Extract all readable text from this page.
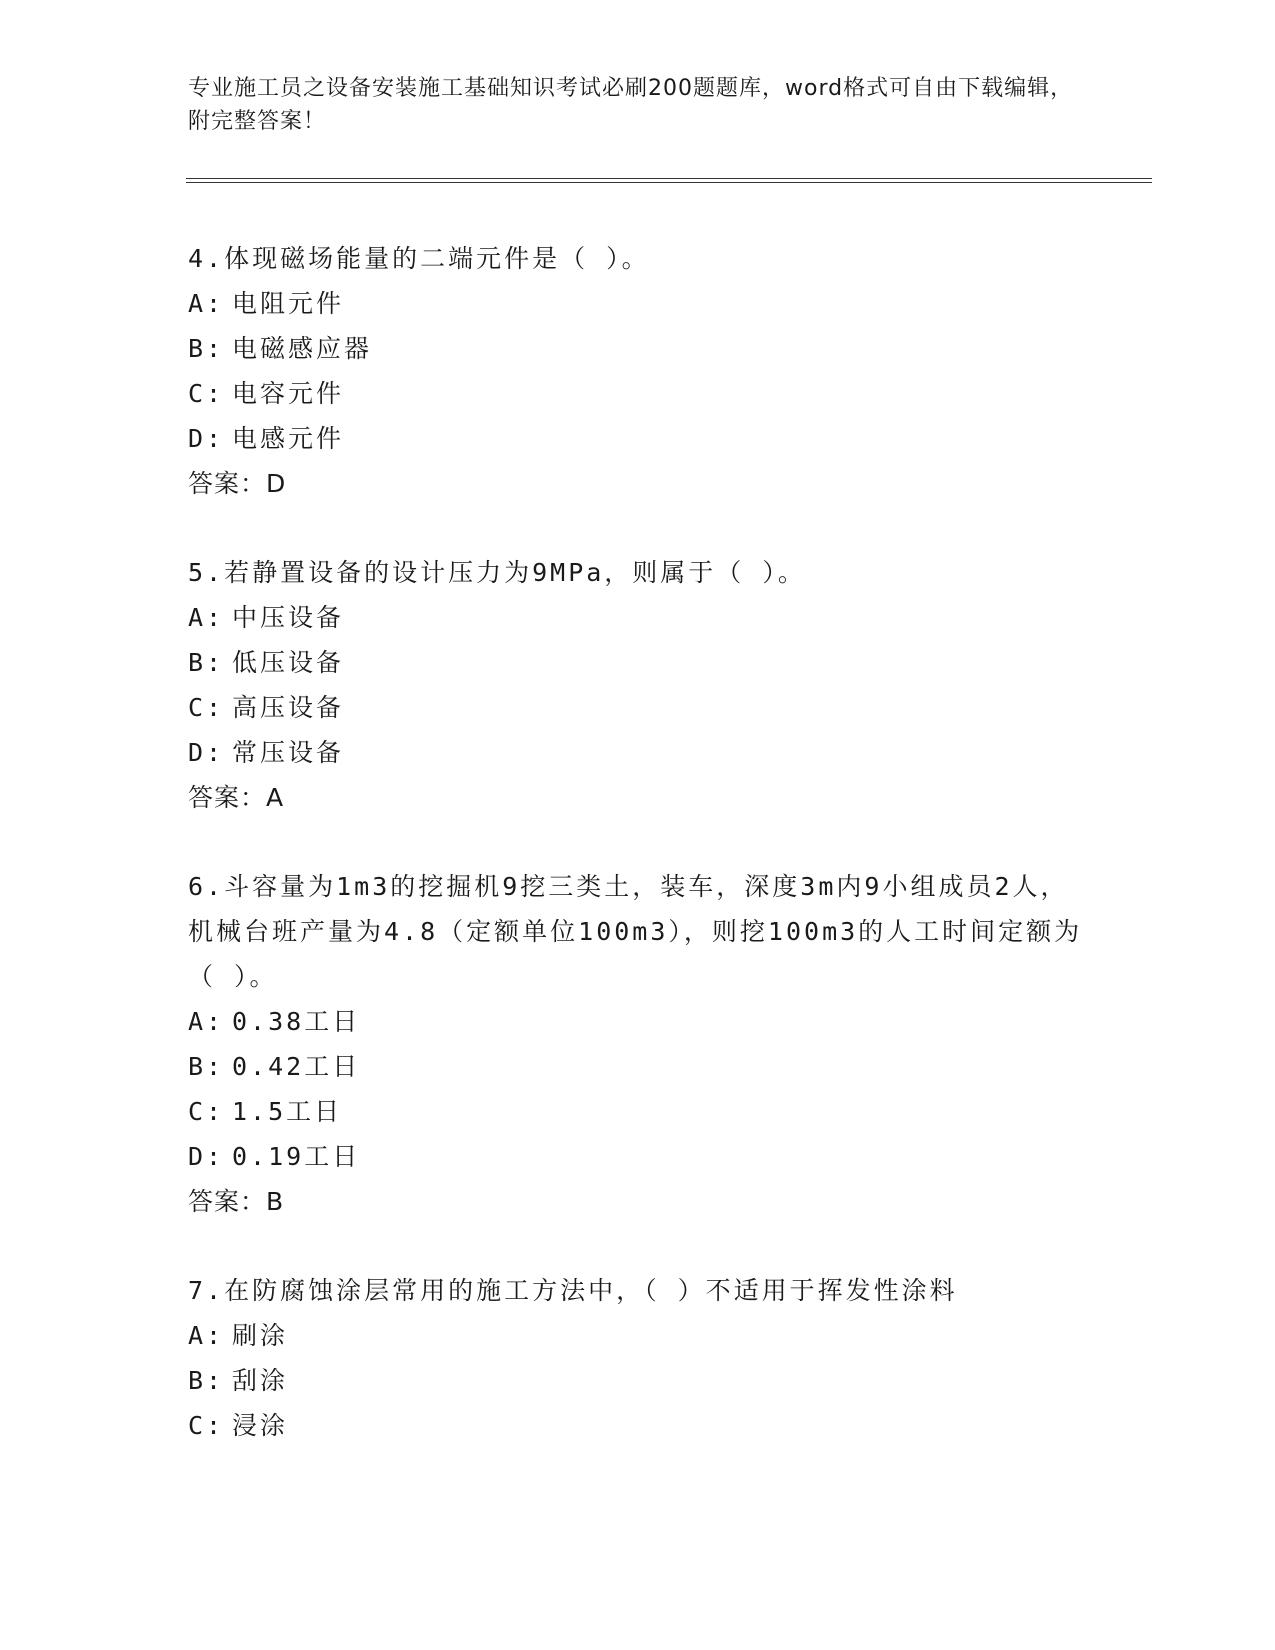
专业施工员之设备安装施工基础知识考试必刷200题题库，word格式可自由下载编辑，附完整答案！

4.体现磁场能量的二端元件是（ ）。

A: 电阻元件

B: 电磁感应器

C: 电容元件

D: 电感元件

答案：D

5.若静置设备的设计压力为9MPa，则属于（ ）。

A: 中压设备

B: 低压设备

C: 高压设备

D: 常压设备

答案：A

6.斗容量为1m3的挖掘机9挖三类土，装车，深度3m内9小组成员2人，机械台班产量为4.8（定额单位100m3），则挖100m3的人工时间定额为（ ）。

A: 0.38工日

B: 0.42工日

C: 1.5工日

D: 0.19工日

答案：B

7.在防腐蚀涂层常用的施工方法中，（ ）不适用于挥发性涂料

A: 刷涂

B: 刮涂

C: 浸涂
